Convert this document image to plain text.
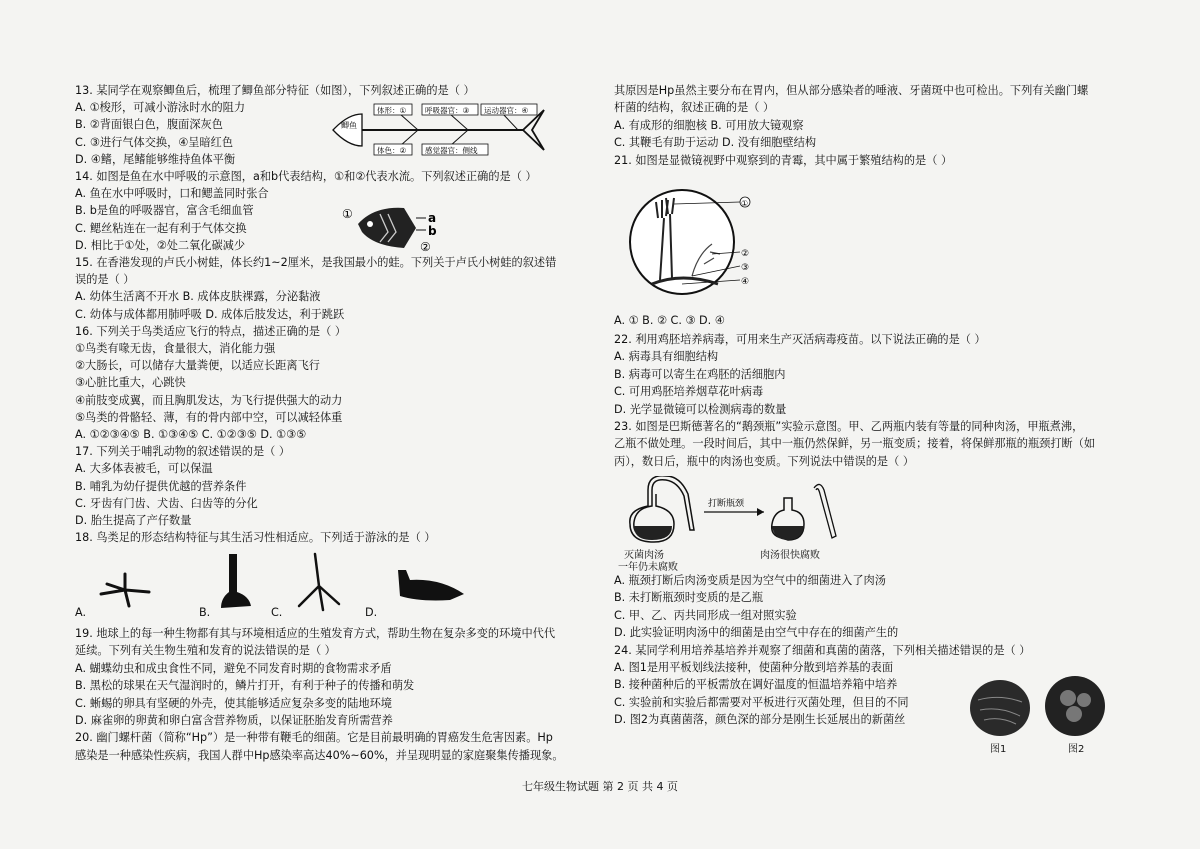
13. 某同学在观察鲫鱼后，梳理了鲫鱼部分特征（如图），下列叙述正确的是（ ）
A. ①梭形，可减小游泳时水的阻力
B. ②背面银白色，腹面深灰色
C. ③进行气体交换，④呈暗红色
D. ④鳍，尾鳍能够维持鱼体平衡
14. 如图是鱼在水中呼吸的示意图，a和b代表结构，①和②代表水流。下列叙述正确的是（ ）
A. 鱼在水中呼吸时，口和鳃盖同时张合
B. b是鱼的呼吸器官，富含毛细血管
C. 鳃丝粘连在一起有利于气体交换
D. 相比于①处，②处二氧化碳减少
15. 在香港发现的卢氏小树蛙，体长约1~2厘米，是我国最小的蛙。下列关于卢氏小树蛙的叙述错
误的是（ ）
A. 幼体生活离不开水 B. 成体皮肤裸露，分泌黏液
C. 幼体与成体都用肺呼吸 D. 成体后肢发达，利于跳跃
16. 下列关于鸟类适应飞行的特点，描述正确的是（ ）
①鸟类有喙无齿，食量很大，消化能力强
②大肠长，可以储存大量粪便，以适应长距离飞行
③心脏比重大，心跳快
④前肢变成翼，而且胸肌发达，为飞行提供强大的动力
⑤鸟类的骨骼轻、薄，有的骨内部中空，可以减轻体重
A. ①②③④⑤ B. ①③④⑤ C. ①②③⑤ D. ①③⑤
17. 下列关于哺乳动物的叙述错误的是（ ）
A. 大多体表被毛，可以保温
B. 哺乳为幼仔提供优越的营养条件
C. 牙齿有门齿、犬齿、臼齿等的分化
D. 胎生提高了产仔数量
18. 鸟类足的形态结构特征与其生活习性相适应。下列适于游泳的是（ ）
鲫鱼
体形：①	呼吸器官：③ 运动器官：④
体色：②	感觉器官：侧线
①	a
b
②
A.	B.	C.	D.
19. 地球上的每一种生物都有其与环境相适应的生殖发育方式，帮助生物在复杂多变的环境中代代
延续。下列有关生物生殖和发育的说法错误的是（ ）
A. 蝴蝶幼虫和成虫食性不同，避免不同发育时期的食物需求矛盾
B. 黑松的球果在天气湿润时的，鳞片打开，有利于种子的传播和萌发
C. 蜥蜴的卵具有坚硬的外壳，使其能够适应复杂多变的陆地环境
D. 麻雀卵的卵黄和卵白富含营养物质，以保证胚胎发育所需营养
20. 幽门螺杆菌（简称“Hp”）是一种带有鞭毛的细菌。它是目前最明确的胃癌发生危害因素。Hp
感染是一种感染性疾病，我国人群中Hp感染率高达40%~60%，并呈现明显的家庭聚集传播现象。
其原因是Hp虽然主要分布在胃内，但从部分感染者的唾液、牙菌斑中也可检出。下列有关幽门螺
杆菌的结构，叙述正确的是（ ）
A. 有成形的细胞核 B. 可用放大镜观察
C. 其鞭毛有助于运动 D. 没有细胞壁结构
21. 如图是显微镜视野中观察到的青霉，其中属于繁殖结构的是（ ）
①
②
③
④
A. ① B. ② C. ③ D. ④
22. 利用鸡胚培养病毒，可用来生产灭活病毒疫苗。以下说法正确的是（ ）
A. 病毒具有细胞结构
B. 病毒可以寄生在鸡胚的活细胞内
C. 可用鸡胚培养烟草花叶病毒
D. 光学显微镜可以检测病毒的数量
23. 如图是巴斯德著名的“鹅颈瓶”实验示意图。甲、乙两瓶内装有等量的同种肉汤，甲瓶煮沸，
乙瓶不做处理。一段时间后，其中一瓶仍然保鲜，另一瓶变质；接着，将保鲜那瓶的瓶颈打断（如
丙），数日后，瓶中的肉汤也变质。下列说法中错误的是（ ）
打断瓶颈
灭菌肉汤
一年仍未腐败
肉汤很快腐败
A. 瓶颈打断后肉汤变质是因为空气中的细菌进入了肉汤
B. 未打断瓶颈时变质的是乙瓶
C. 甲、乙、丙共同形成一组对照实验
D. 此实验证明肉汤中的细菌是由空气中存在的细菌产生的
24. 某同学利用培养基培养并观察了细菌和真菌的菌落，下列相关描述错误的是（ ）
A. 图1是用平板划线法接种，使菌种分散到培养基的表面
B. 接种菌种后的平板需放在调好温度的恒温培养箱中培养
C. 实验前和实验后都需要对平板进行灭菌处理，但目的不同
D. 图2为真菌菌落，颜色深的部分是刚生长延展出的新菌丝
图1	图2
七年级生物试题 第 2 页 共 4 页
